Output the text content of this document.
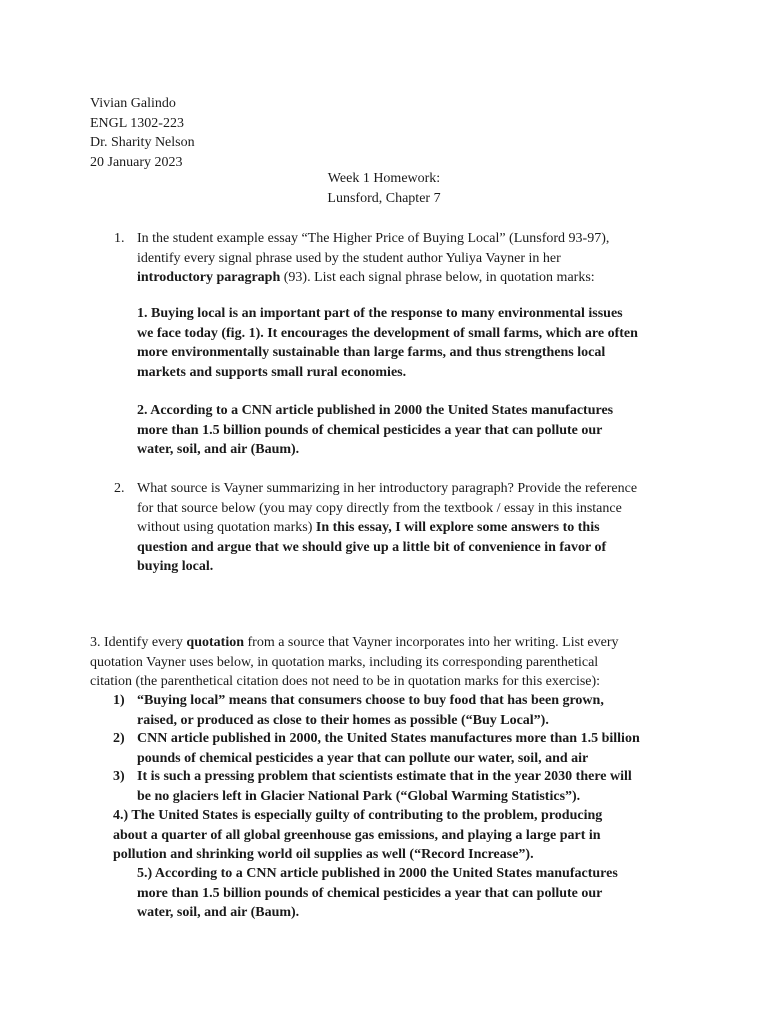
Vivian Galindo
ENGL 1302-223
Dr. Sharity Nelson
20 January 2023
Week 1 Homework:
Lunsford, Chapter 7
1. In the student example essay “The Higher Price of Buying Local” (Lunsford 93-97),
identify every signal phrase used by the student author Yuliya Vayner in her
introductory paragraph (93). List each signal phrase below, in quotation marks:
1. Buying local is an important part of the response to many environmental issues
we face today (fig. 1). It encourages the development of small farms, which are often
more environmentally sustainable than large farms, and thus strengthens local
markets and supports small rural economies.
2. According to a CNN article published in 2000 the United States manufactures
more than 1.5 billion pounds of chemical pesticides a year that can pollute our
water, soil, and air (Baum).
2. What source is Vayner summarizing in her introductory paragraph? Provide the reference
for that source below (you may copy directly from the textbook / essay in this instance
without using quotation marks) In this essay, I will explore some answers to this
question and argue that we should give up a little bit of convenience in favor of
buying local.
3. Identify every quotation from a source that Vayner incorporates into her writing. List every
quotation Vayner uses below, in quotation marks, including its corresponding parenthetical
citation (the parenthetical citation does not need to be in quotation marks for this exercise):
1) “Buying local” means that consumers choose to buy food that has been grown,
raised, or produced as close to their homes as possible (“Buy Local”).
2) CNN article published in 2000, the United States manufactures more than 1.5 billion
pounds of chemical pesticides a year that can pollute our water, soil, and air
3) It is such a pressing problem that scientists estimate that in the year 2030 there will
be no glaciers left in Glacier National Park (“Global Warming Statistics”).
4.) The United States is especially guilty of contributing to the problem, producing
about a quarter of all global greenhouse gas emissions, and playing a large part in
pollution and shrinking world oil supplies as well (“Record Increase”).
5.) According to a CNN article published in 2000 the United States manufactures
more than 1.5 billion pounds of chemical pesticides a year that can pollute our
water, soil, and air (Baum).
